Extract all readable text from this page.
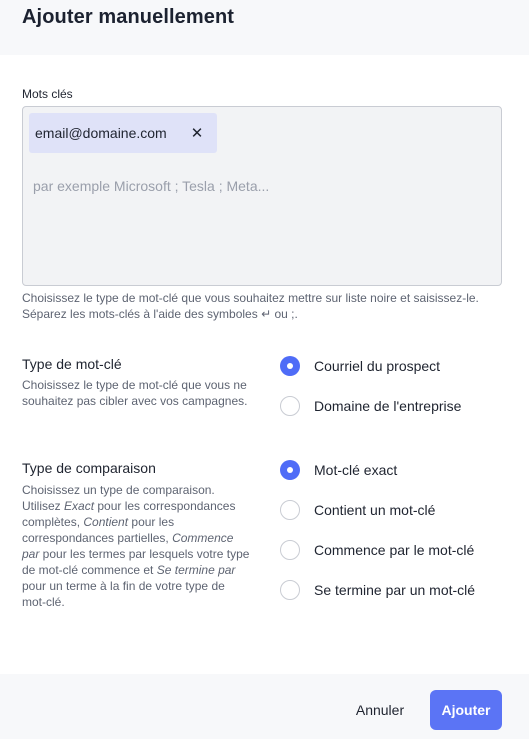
Ajouter manuellement
Mots clés
email@domaine.com ✕
par exemple Microsoft ; Tesla ; Meta...
Choisissez le type de mot-clé que vous souhaitez mettre sur liste noire et saisissez-le. Séparez les mots-clés à l'aide des symboles ↵ ou ;.
Type de mot-clé
Choisissez le type de mot-clé que vous ne souhaitez pas cibler avec vos campagnes.
Courriel du prospect
Domaine de l'entreprise
Type de comparaison
Choisissez un type de comparaison. Utilisez Exact pour les correspondances complètes, Contient pour les correspondances partielles, Commence par pour les termes par lesquels votre type de mot-clé commence et Se termine par pour un terme à la fin de votre type de mot-clé.
Mot-clé exact
Contient un mot-clé
Commence par le mot-clé
Se termine par un mot-clé
Annuler	Ajouter
